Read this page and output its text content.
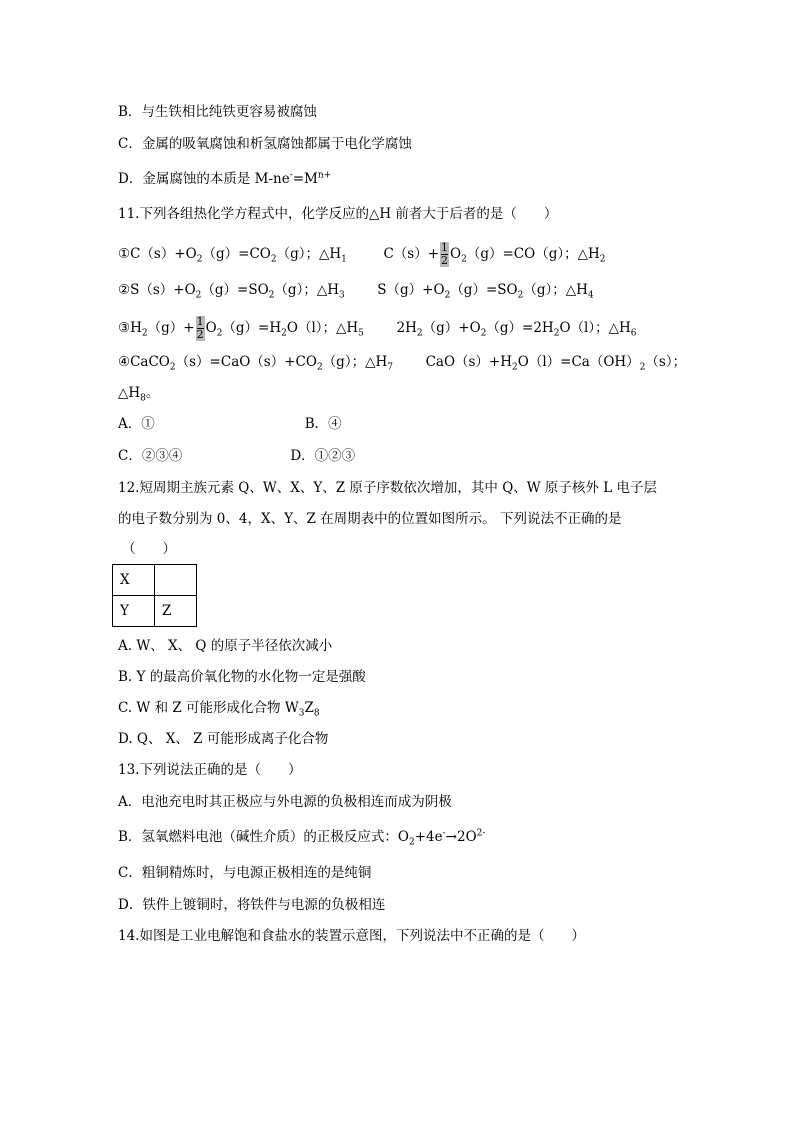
B．与生铁相比纯铁更容易被腐蚀
C．金属的吸氧腐蚀和析氢腐蚀都属于电化学腐蚀
D．金属腐蚀的本质是 $M-ne^-=M^{n+}$
11.下列各组热化学方程式中，化学反应的△H 前者大于后者的是（　　）
$①C(s)+O_2(g)=CO_2(g)$；$\triangle H_1$	$C(s)+ \frac{1}{2} O_2(g)=CO(g)$；$\triangle H_2$
$②S(s)+O_2(g)=SO_2(g)$；$\triangle H_3$ $S(g)+O_2(g)=SO_2(g)$；$\triangle H_4$
$③H_2(g)+ \frac{1}{2} O_2(g)=H_2O(l)$；$\triangle H_5$ $2H_2(g)+O_2(g)=2H_2O(l)$；$\triangle H_6$
$④CaCO_2(s)=CaO(s)+CO_2(g)$；$\triangle H_7$ $CaO(s)+H_2O(l)=Ca(OH)_2(s)$；
$\triangle H_8$。
A．①	B．④
C．②③④	D．①②③
12.短周期主族元素 Q、W、X、Y、Z 原子序数依次增加，其中 Q、W 原子核外 L 电子层
的电子数分别为 0、4，X、Y、Z 在周期表中的位置如图所示。 下列说法不正确的是
（　　）
X	
Y	Z
A. W、 X、 Q 的原子半径依次减小
B. Y 的最高价氧化物的水化物一定是强酸
C. W 和 Z 可能形成化合物 $W_3Z_8$
D. Q、 X、 Z 可能形成离子化合物
13.下列说法正确的是（　　）
A．电池充电时其正极应与外电源的负极相连而成为阴极
B．氢氧燃料电池（碱性介质）的正极反应式：$O_2+4e^-\to 2O^{2-}$
C．粗铜精炼时，与电源正极相连的是纯铜
D．铁件上镀铜时，将铁件与电源的负极相连
14.如图是工业电解饱和食盐水的装置示意图，下列说法中不正确的是（　　）
